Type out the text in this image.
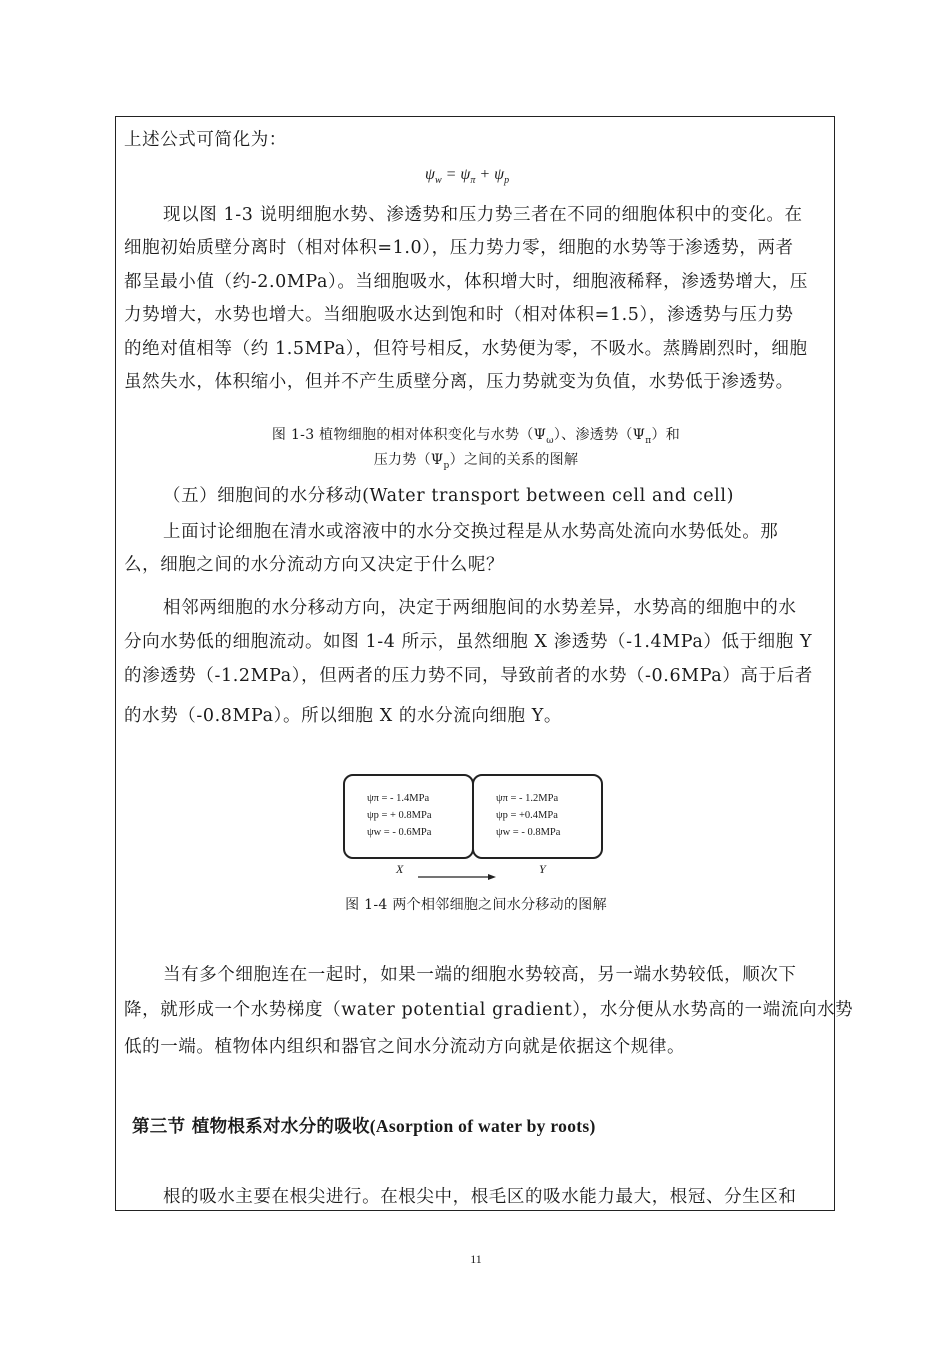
上述公式可简化为：
$\psi_w = \psi_\pi + \psi_p$
现以图 1-3 说明细胞水势、渗透势和压力势三者在不同的细胞体积中的变化。在
细胞初始质壁分离时（相对体积=1.0），压力势力零，细胞的水势等于渗透势，两者
都呈最小值（约-2.0MPa）。当细胞吸水，体积增大时，细胞液稀释，渗透势增大，压
力势增大，水势也增大。当细胞吸水达到饱和时（相对体积=1.5），渗透势与压力势
的绝对值相等（约 1.5MPa），但符号相反，水势便为零，不吸水。蒸腾剧烈时，细胞
虽然失水，体积缩小，但并不产生质壁分离，压力势就变为负值，水势低于渗透势。
图 1-3 植物细胞的相对体积变化与水势$(\Psi_\omega)$、渗透势$(\Psi_\pi)$和
压力势$(\Psi_p)$之间的关系的图解
（五）细胞间的水分移动(Water transport between cell and cell)
上面讨论细胞在清水或溶液中的水分交换过程是从水势高处流向水势低处。那
么，细胞之间的水分流动方向又决定于什么呢？
相邻两细胞的水分移动方向，决定于两细胞间的水势差异，水势高的细胞中的水
分向水势低的细胞流动。如图 1-4 所示，虽然细胞 X 渗透势（-1.4MPa）低于细胞 Y
的渗透势（-1.2MPa），但两者的压力势不同，导致前者的水势（-0.6MPa）高于后者
的水势（-0.8MPa）。所以细胞 X 的水分流向细胞 Y。
ψπ = - 1.4MPa
ψp = + 0.8MPa
ψw = - 0.6MPa
ψπ = - 1.2MPa
ψp = +0.4MPa
ψw = - 0.8MPa
X	Y
图 1-4 两个相邻细胞之间水分移动的图解
当有多个细胞连在一起时，如果一端的细胞水势较高，另一端水势较低，顺次下
降，就形成一个水势梯度（water potential gradient），水分便从水势高的一端流向水势
低的一端。植物体内组织和器官之间水分流动方向就是依据这个规律。
第三节 植物根系对水分的吸收(Asorption of water by roots)
根的吸水主要在根尖进行。在根尖中，根毛区的吸水能力最大，根冠、分生区和
11
